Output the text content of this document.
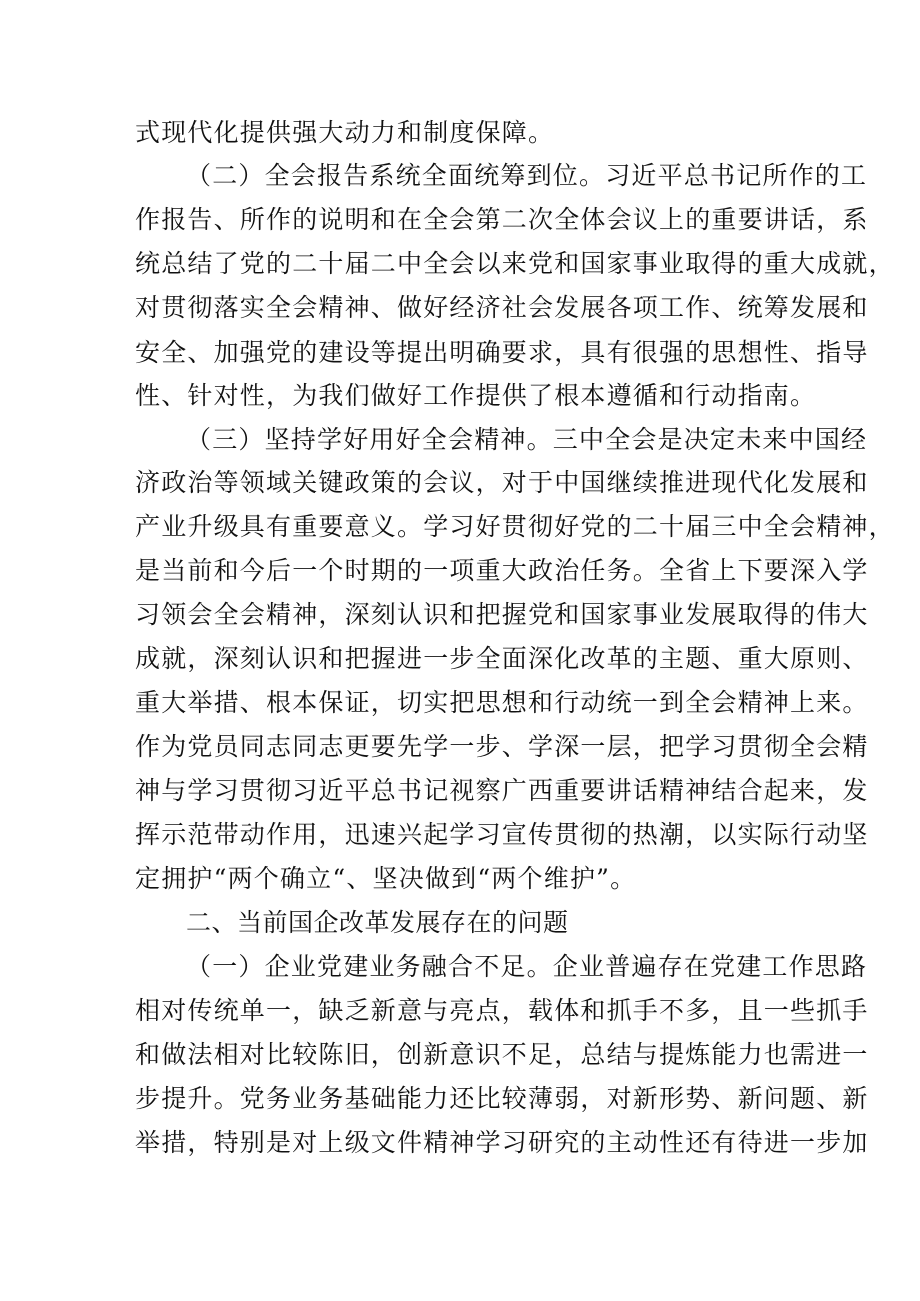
式现代化提供强大动力和制度保障。
（二）全会报告系统全面统筹到位。习近平总书记所作的工
作报告、所作的说明和在全会第二次全体会议上的重要讲话，系
统总结了党的二十届二中全会以来党和国家事业取得的重大成就，
对贯彻落实全会精神、做好经济社会发展各项工作、统筹发展和
安全、加强党的建设等提出明确要求，具有很强的思想性、指导
性、针对性，为我们做好工作提供了根本遵循和行动指南。
（三）坚持学好用好全会精神。三中全会是决定未来中国经
济政治等领域关键政策的会议，对于中国继续推进现代化发展和
产业升级具有重要意义。学习好贯彻好党的二十届三中全会精神，
是当前和今后一个时期的一项重大政治任务。全省上下要深入学
习领会全会精神，深刻认识和把握党和国家事业发展取得的伟大
成就，深刻认识和把握进一步全面深化改革的主题、重大原则、
重大举措、根本保证，切实把思想和行动统一到全会精神上来。
作为党员同志同志更要先学一步、学深一层，把学习贯彻全会精
神与学习贯彻习近平总书记视察广西重要讲话精神结合起来，发
挥示范带动作用，迅速兴起学习宣传贯彻的热潮，以实际行动坚
定拥护“两个确立“、坚决做到“两个维护”。
二、当前国企改革发展存在的问题
（一）企业党建业务融合不足。企业普遍存在党建工作思路
相对传统单一，缺乏新意与亮点，载体和抓手不多，且一些抓手
和做法相对比较陈旧，创新意识不足，总结与提炼能力也需进一
步提升。党务业务基础能力还比较薄弱，对新形势、新问题、新
举措，特别是对上级文件精神学习研究的主动性还有待进一步加
